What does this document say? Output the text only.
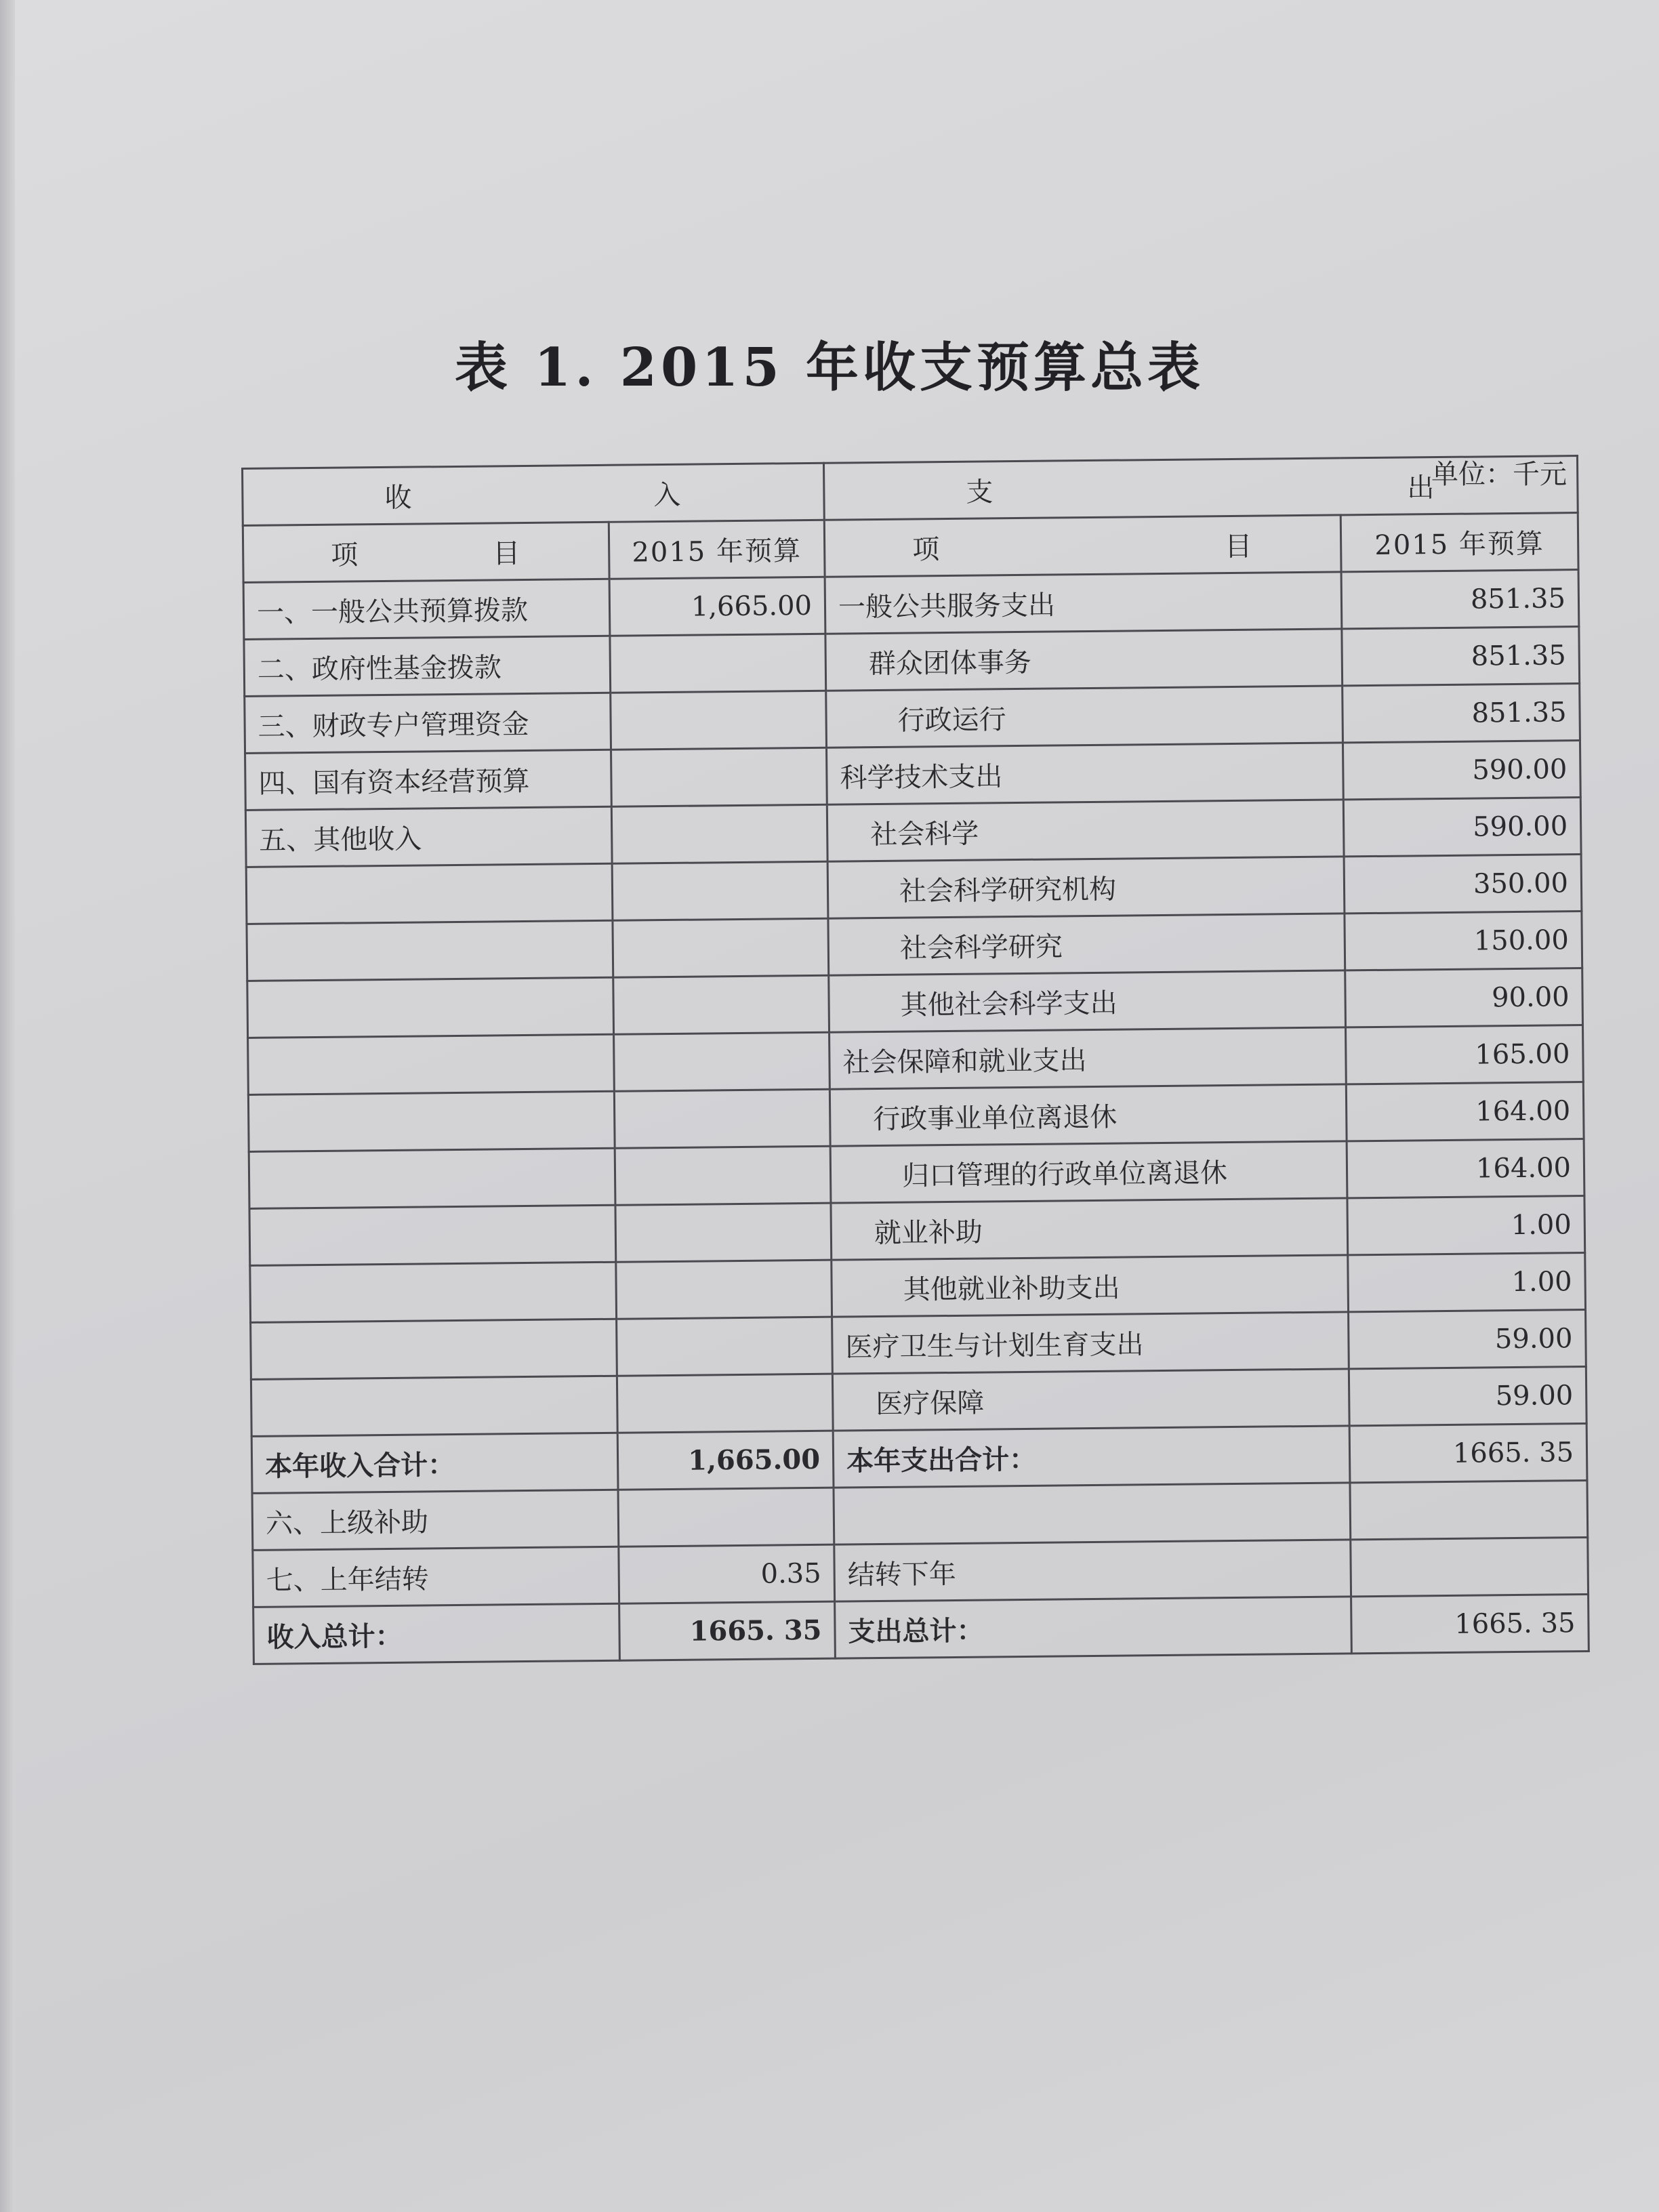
表 1. 2015 年收支预算总表
单位：千元
收 入		支 出	

项 目	2015 年预算	项 目	2015 年预算
一、一般公共预算拨款	1,665.00	一般公共服务支出	851.35
二、政府性基金拨款		群众团体事务	851.35
三、财政专户管理资金		行政运行	851.35
四、国有资本经营预算		科学技术支出	590.00
五、其他收入		社会科学	590.00
		社会科学研究机构	350.00
		社会科学研究	150.00
		其他社会科学支出	90.00
		社会保障和就业支出	165.00
		行政事业单位离退休	164.00
		归口管理的行政单位离退休	164.00
		就业补助	1.00
		其他就业补助支出	1.00
		医疗卫生与计划生育支出	59.00
		医疗保障	59.00
本年收入合计：	1,665.00	本年支出合计：	1665. 35
六、上级补助			
七、上年结转	0.35	结转下年	
收入总计：	1665. 35	支出总计：	1665. 35
